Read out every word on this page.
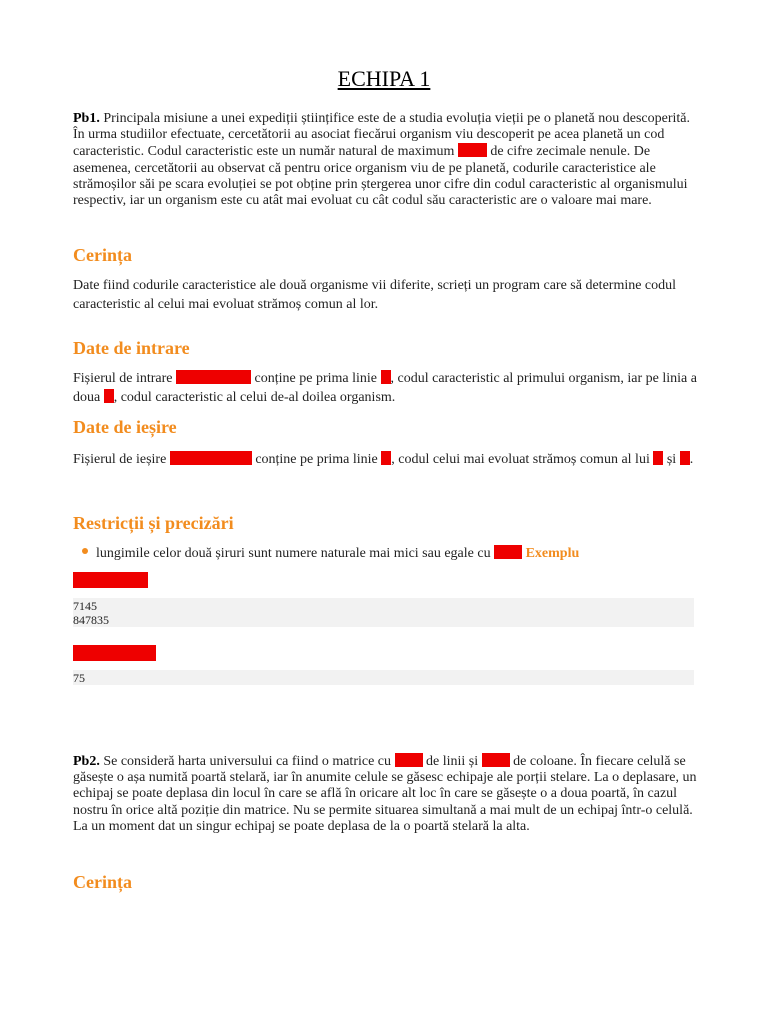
ECHIPA 1

Pb1. Principala misiune a unei expediții științifice este de a studia evoluția vieții pe o planetă nou descoperită. În urma studiilor efectuate, cercetătorii au asociat fiecărui organism viu descoperit pe acea planetă un cod caracteristic. Codul caracteristic este un număr natural de maximum  de cifre zecimale nenule. De asemenea, cercetătorii au observat că pentru orice organism viu de pe planetă, codurile caracteristice ale strămoșilor săi pe scara evoluției se pot obține prin ștergerea unor cifre din codul caracteristic al organismului respectiv, iar un organism este cu atât mai evoluat cu cât codul său caracteristic are o valoare mai mare.

Cerința

Date fiind codurile caracteristice ale două organisme vii diferite, scrieți un program care să determine codul caracteristic al celui mai evoluat strămoș comun al lor.

Date de intrare

Fișierul de intrare	conține pe prima linie , codul caracteristic al primului organism, iar pe linia a doua , codul caracteristic al celui de-al doilea organism.

Date de ieșire

Fișierul de ieșire	conține pe prima linie , codul celui mai evoluat strămoș comun al lui  și .

Restricții și precizări
lungimile celor două șiruri sunt numere naturale mai mici sau egale cu  Exemplu
7145
847835
75

Pb2. Se consideră harta universului ca fiind o matrice cu  de linii și  de coloane. În fiecare celulă se găsește o așa numită poartă stelară, iar în anumite celule se găsesc echipaje ale porții stelare. La o deplasare, un echipaj se poate deplasa din locul în care se află în oricare alt loc în care se găsește o a doua poartă, în cazul nostru în orice altă poziție din matrice. Nu se permite situarea simultană a mai mult de un echipaj într-o celulă. La un moment dat un singur echipaj se poate deplasa de la o poartă stelară la alta.

Cerința
